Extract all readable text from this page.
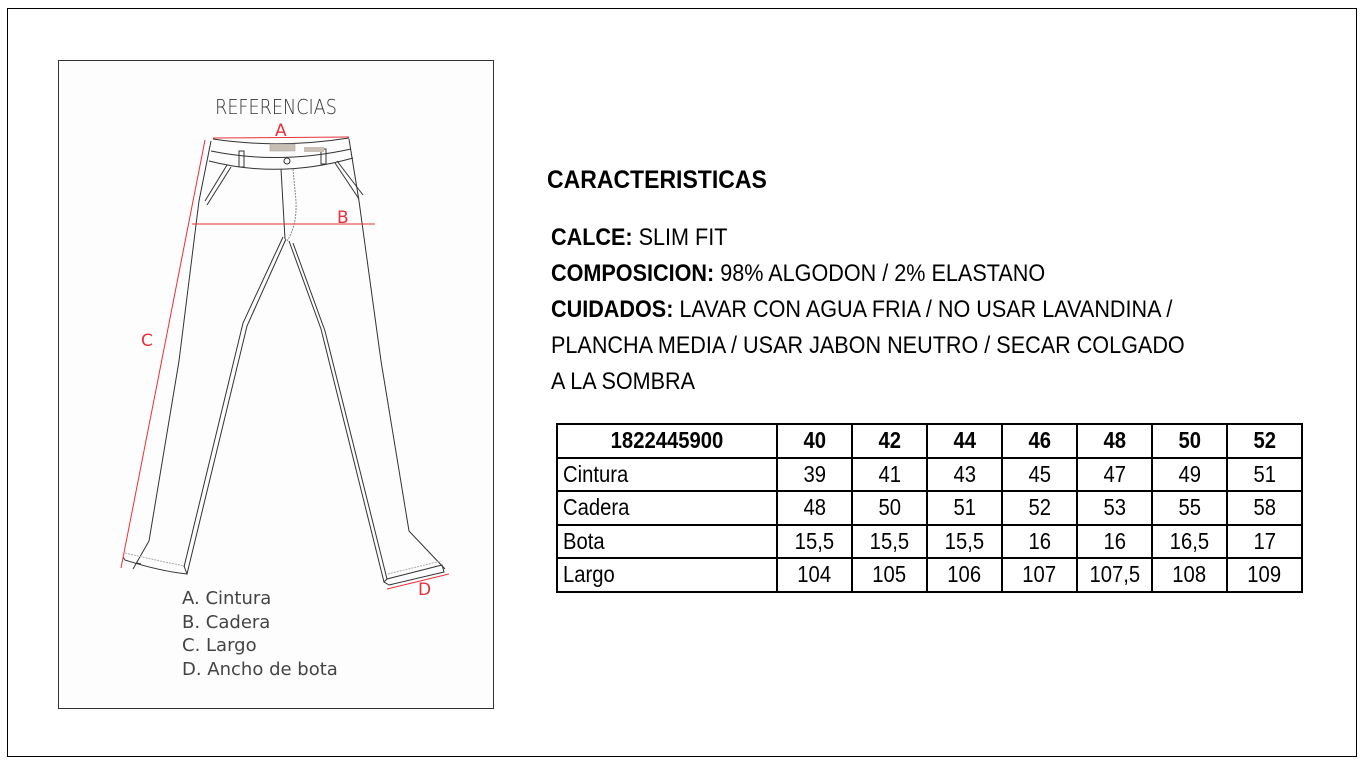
REFERENCIAS
A
B
C
D
A. Cintura
B. Cadera
C. Largo
D. Ancho de bota
CARACTERISTICAS
CALCE: SLIM FIT
COMPOSICION: 98% ALGODON / 2% ELASTANO
CUIDADOS: LAVAR CON AGUA FRIA / NO USAR LAVANDINA /
PLANCHA MEDIA / USAR JABON NEUTRO / SECAR COLGADO
A LA SOMBRA
1822445900	40	42	44	46	48	50	52
Cintura	39	41	43	45	47	49	51
Cadera	48	50	51	52	53	55	58
Bota	15,5	15,5	15,5	16	16	16,5	17
Largo	104	105	106	107	107,5	108	109
